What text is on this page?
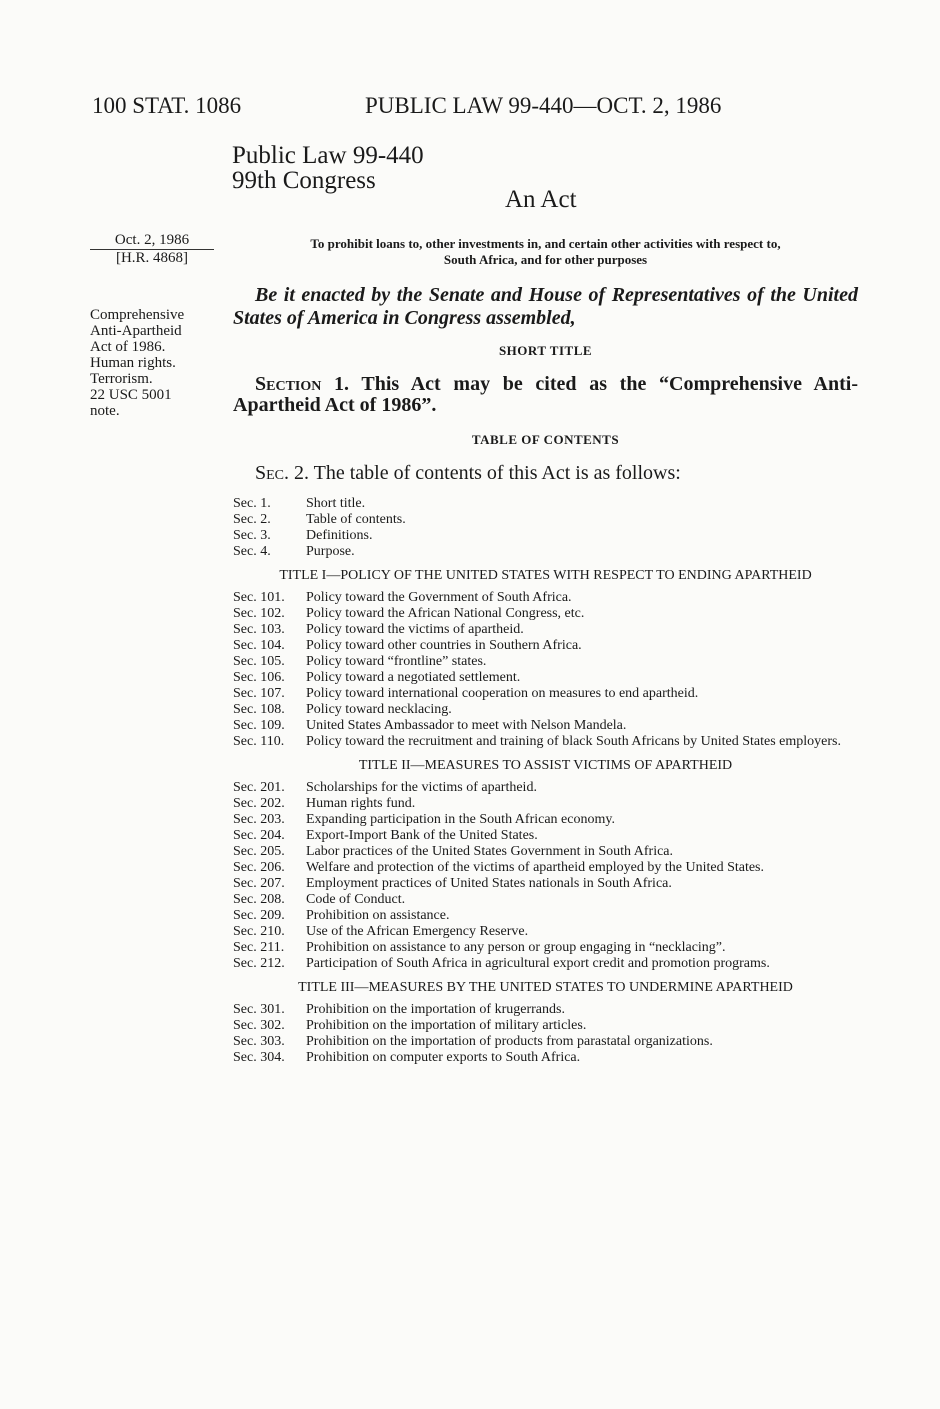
100 STAT. 1086	PUBLIC LAW 99-440—OCT. 2, 1986
Public Law 99-440
99th Congress
An Act
Oct. 2, 1986
[H.R. 4868]
Comprehensive
Anti-Apartheid
Act of 1986.
Human rights.
Terrorism.
22 USC 5001
note.
To prohibit loans to, other investments in, and certain other activities with respect to,
South Africa, and for other purposes
Be it enacted by the Senate and House of Representatives of the United States of America in Congress assembled,
SHORT TITLE
Section 1. This Act may be cited as the “Comprehensive Anti-Apartheid Act of 1986”.
TABLE OF CONTENTS
Sec. 2. The table of contents of this Act is as follows:
Sec. 1.	Short title.
Sec. 2.	Table of contents.
Sec. 3.	Definitions.
Sec. 4.	Purpose.
TITLE I—POLICY OF THE UNITED STATES WITH RESPECT TO ENDING APARTHEID
Sec. 101.	Policy toward the Government of South Africa.
Sec. 102.	Policy toward the African National Congress, etc.
Sec. 103.	Policy toward the victims of apartheid.
Sec. 104.	Policy toward other countries in Southern Africa.
Sec. 105.	Policy toward “frontline” states.
Sec. 106.	Policy toward a negotiated settlement.
Sec. 107.	Policy toward international cooperation on measures to end apartheid.
Sec. 108.	Policy toward necklacing.
Sec. 109.	United States Ambassador to meet with Nelson Mandela.
Sec. 110.	Policy toward the recruitment and training of black South Africans by United States employers.
TITLE II—MEASURES TO ASSIST VICTIMS OF APARTHEID
Sec. 201.	Scholarships for the victims of apartheid.
Sec. 202.	Human rights fund.
Sec. 203.	Expanding participation in the South African economy.
Sec. 204.	Export-Import Bank of the United States.
Sec. 205.	Labor practices of the United States Government in South Africa.
Sec. 206.	Welfare and protection of the victims of apartheid employed by the United States.
Sec. 207.	Employment practices of United States nationals in South Africa.
Sec. 208.	Code of Conduct.
Sec. 209.	Prohibition on assistance.
Sec. 210.	Use of the African Emergency Reserve.
Sec. 211.	Prohibition on assistance to any person or group engaging in “necklacing”.
Sec. 212.	Participation of South Africa in agricultural export credit and promotion programs.
TITLE III—MEASURES BY THE UNITED STATES TO UNDERMINE APARTHEID
Sec. 301.	Prohibition on the importation of krugerrands.
Sec. 302.	Prohibition on the importation of military articles.
Sec. 303.	Prohibition on the importation of products from parastatal organizations.
Sec. 304.	Prohibition on computer exports to South Africa.
